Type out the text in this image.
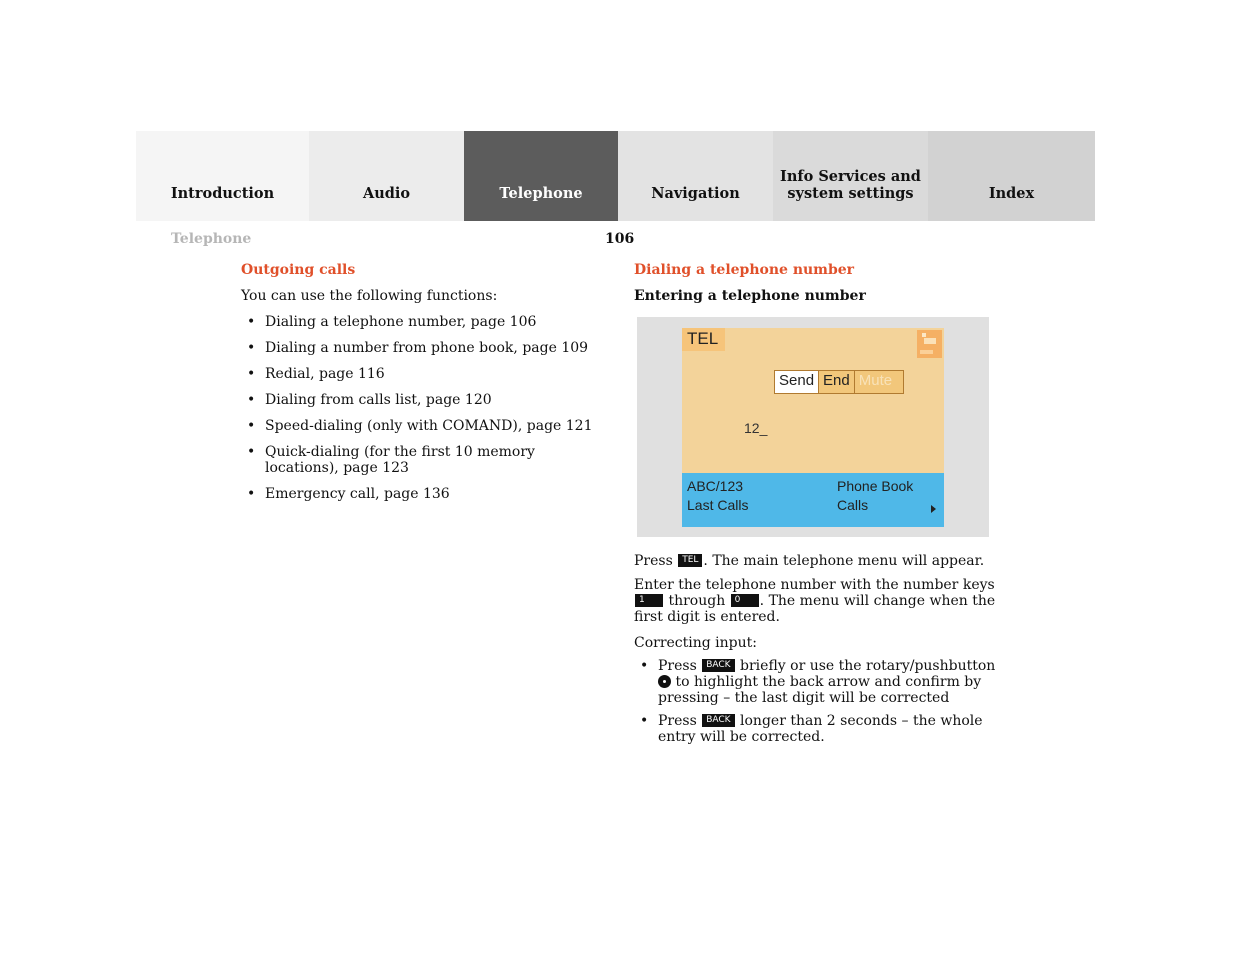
Introduction	Audio	Telephone	Navigation
Info Services and
system settings	Index
Telephone	106
Outgoing calls

You can use the following functions:

• Dialing a telephone number, page 106
• Dialing a number from phone book, page 109
• Redial, page 116
• Dialing from calls list, page 120
• Speed-dialing (only with COMAND), page 121
• Quick-dialing (for the first 10 memory locations), page 123
• Emergency call, page 136
Dialing a telephone number
Entering a telephone number
TEL
Send End Mute
12_
ABC/123	Phone Book
Last Calls	Calls

Press TEL . The main telephone menu will appear.

Enter the telephone number with the number keys 1 through 0 . The menu will change when the first digit is entered.

Correcting input:

• Press BACK briefly or use the rotary/pushbutton  to highlight the back arrow and confirm by pressing – the last digit will be corrected
• Press BACK longer than 2 seconds – the whole entry will be corrected.
